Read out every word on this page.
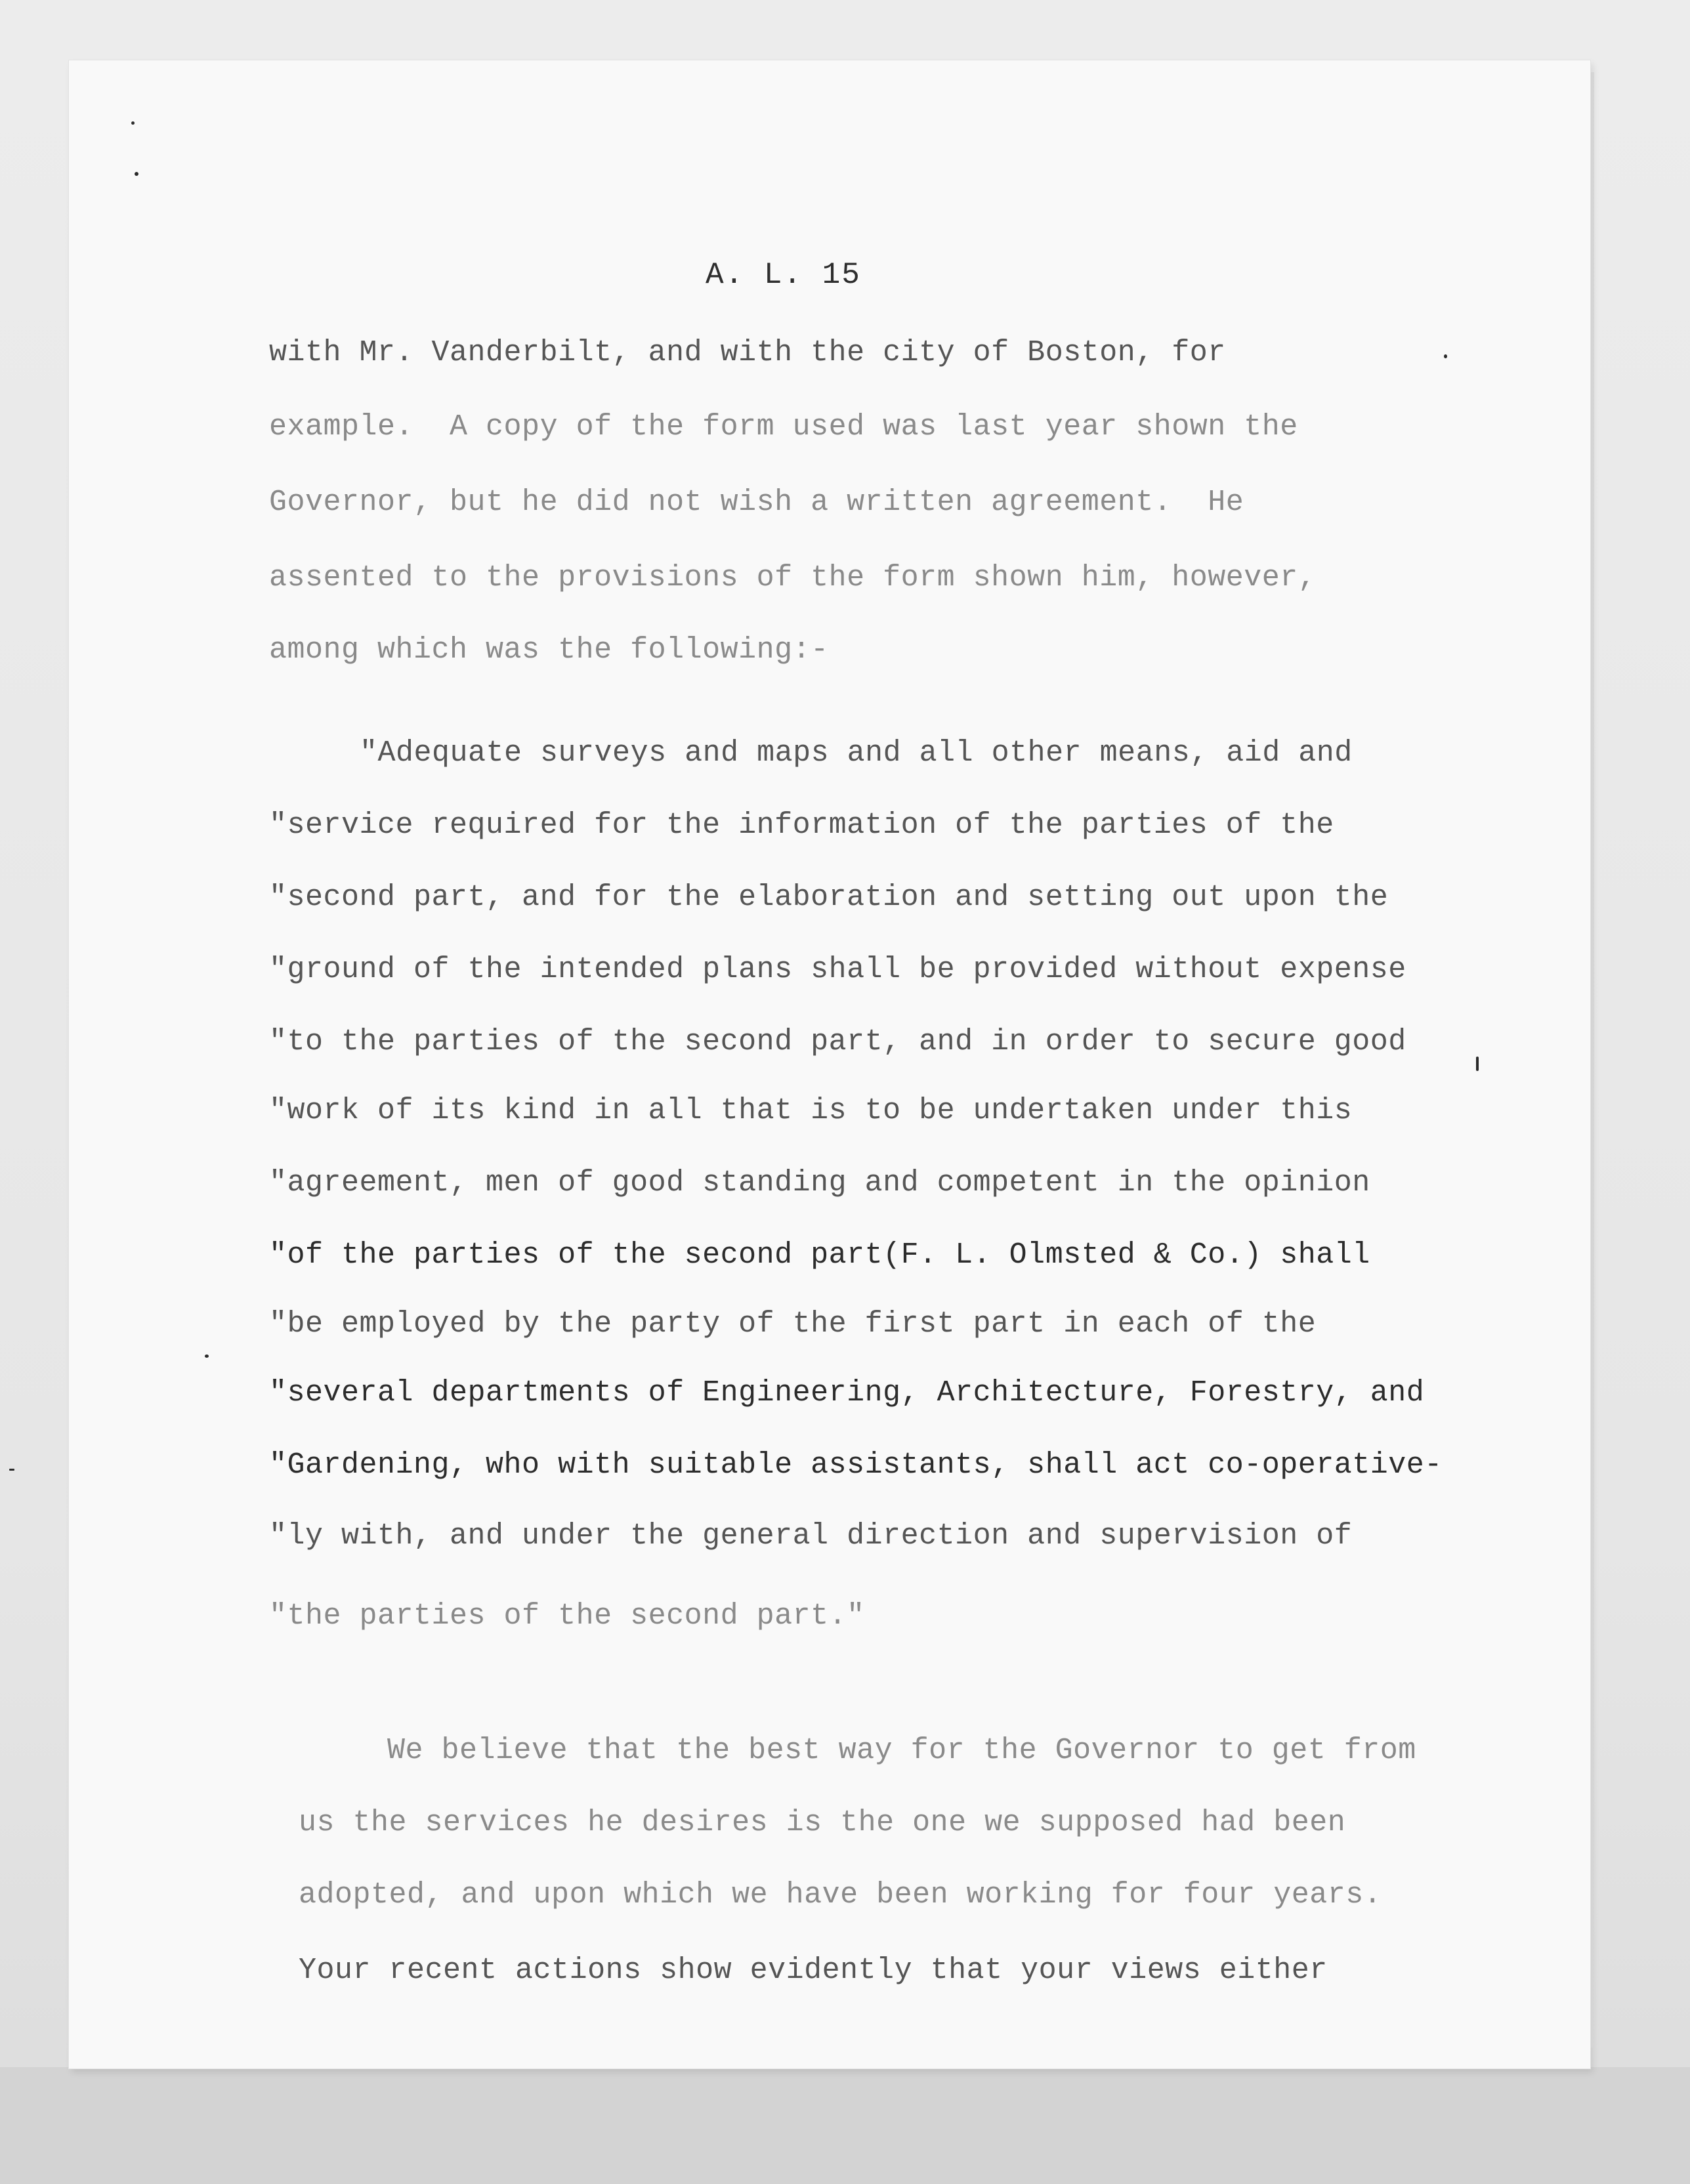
A. L. 15
with Mr. Vanderbilt, and with the city of Boston, for
example.  A copy of the form used was last year shown the
Governor, but he did not wish a written agreement.  He
assented to the provisions of the form shown him, however,
among which was the following:-
"Adequate surveys and maps and all other means, aid and
"service required for the information of the parties of the
"second part, and for the elaboration and setting out upon the
"ground of the intended plans shall be provided without expense
"to the parties of the second part, and in order to secure good
"work of its kind in all that is to be undertaken under this
"agreement, men of good standing and competent in the opinion
"of the parties of the second part(F. L. Olmsted & Co.) shall
"be employed by the party of the first part in each of the
"several departments of Engineering, Architecture, Forestry, and
"Gardening, who with suitable assistants, shall act co-operative-
"ly with, and under the general direction and supervision of
"the parties of the second part."
We believe that the best way for the Governor to get from
us the services he desires is the one we supposed had been
adopted, and upon which we have been working for four years.
Your recent actions show evidently that your views either
